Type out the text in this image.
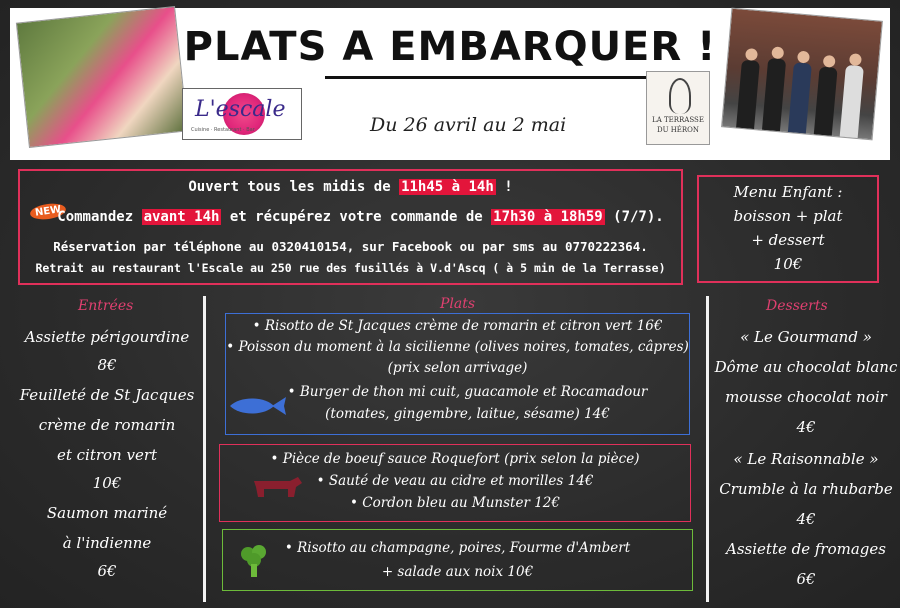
PLATS A EMBARQUER !
L'escale
Cuisine · Restaurant · Bar	Du 26 avril au 2 mai	LA TERRASSE
DU HÉRON
Ouvert tous les midis de 11h45 à 14h !
NEW
Commandez avant 14h et récupérez votre commande de 17h30 à 18h59 (7/7).
Réservation par téléphone au 0320410154, sur Facebook ou par sms au 0770222364.
Retrait au restaurant l'Escale au 250 rue des fusillés à V.d'Ascq ( à 5 min de la Terrasse)
Menu Enfant :
boisson + plat
+ dessert
10€
Entrées
Assiette périgourdine
8€
Feuilleté de St Jacques
crème de romarin
et citron vert
10€
Saumon mariné
à l'indienne
6€
Plats
• Risotto de St Jacques crème de romarin et citron vert 16€
• Poisson du moment à la sicilienne (olives noires, tomates, câpres)
(prix selon arrivage)
• Burger de thon mi cuit, guacamole et Rocamadour
(tomates, gingembre, laitue, sésame) 14€
• Pièce de boeuf sauce Roquefort (prix selon la pièce)
• Sauté de veau au cidre et morilles 14€
• Cordon bleu au Munster 12€
• Risotto au champagne, poires, Fourme d'Ambert
+ salade aux noix 10€
Desserts
« Le Gourmand »
Dôme au chocolat blanc
mousse chocolat noir
4€
« Le Raisonnable »
Crumble à la rhubarbe
4€
Assiette de fromages
6€
